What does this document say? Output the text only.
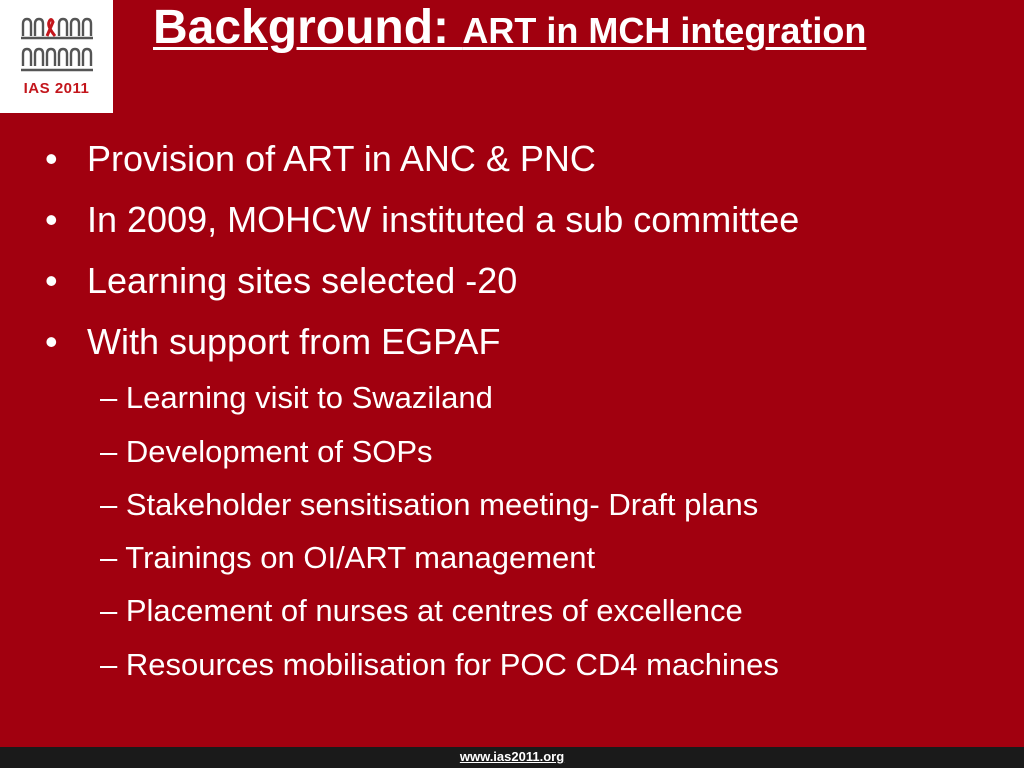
IAS 2011
Background: ART in MCH integration
• Provision of ART in ANC & PNC
• In 2009, MOHCW instituted a sub committee
• Learning sites selected -20
• With support from EGPAF
– Learning visit to Swaziland
– Development of SOPs
– Stakeholder sensitisation meeting- Draft plans
– Trainings on OI/ART management
– Placement of nurses at centres of excellence
– Resources mobilisation for POC CD4 machines
www.ias2011.org
